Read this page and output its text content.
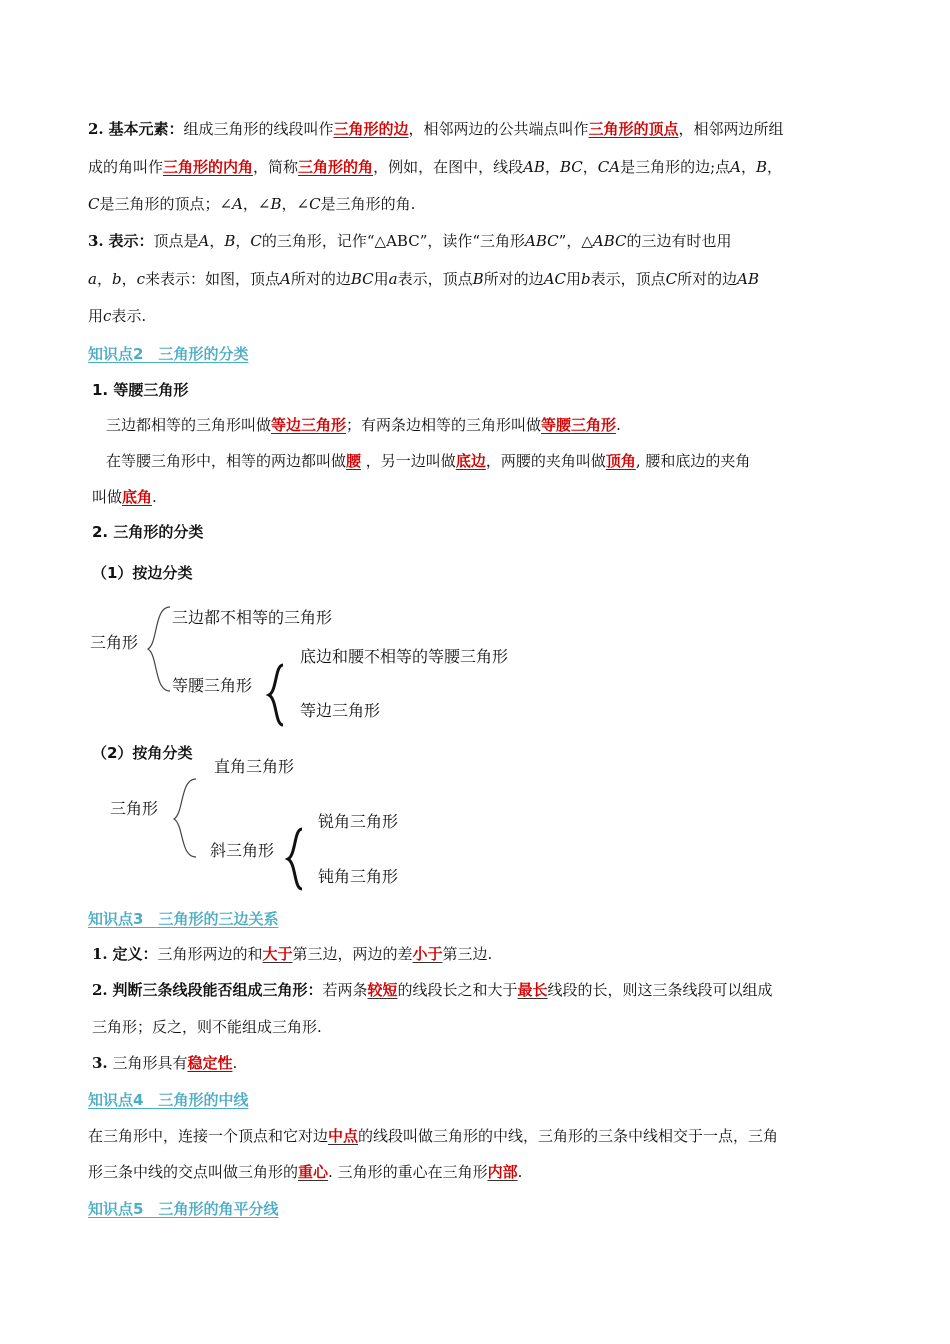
2. 基本元素：组成三角形的线段叫作三角形的边，相邻两边的公共端点叫作三角形的顶点，相邻两边所组
成的角叫作三角形的内角，简称三角形的角，例如，在图中，线段AB，BC，CA是三角形的边;点A，B，
C是三角形的顶点；∠A，∠B，∠C是三角形的角.
3. 表示：顶点是A，B，C的三角形，记作“△ABC”，读作“三角形ABC”，△ABC的三边有时也用
a，b，c来表示：如图，顶点A所对的边BC用a表示，顶点B所对的边AC用b表示，顶点C所对的边AB
用c表示.
知识点2　三角形的分类
1. 等腰三角形
三边都相等的三角形叫做等边三角形；有两条边相等的三角形叫做等腰三角形.
在等腰三角形中，相等的两边都叫做腰 ，另一边叫做底边，两腰的夹角叫做顶角, 腰和底边的夹角
叫做底角.
2. 三角形的分类
（1）按边分类
三角形
三边都不相等的三角形
等腰三角形
底边和腰不相等的等腰三角形
等边三角形
（2）按角分类
三角形
直角三角形
斜三角形
锐角三角形
钝角三角形
知识点3　三角形的三边关系
1. 定义：三角形两边的和大于第三边，两边的差小于第三边.
2. 判断三条线段能否组成三角形：若两条较短的线段长之和大于最长线段的长，则这三条线段可以组成
三角形；反之，则不能组成三角形.
3. 三角形具有稳定性.
知识点4　三角形的中线
在三角形中，连接一个顶点和它对边中点的线段叫做三角形的中线，三角形的三条中线相交于一点，三角
形三条中线的交点叫做三角形的重心. 三角形的重心在三角形内部.
知识点5　三角形的角平分线
